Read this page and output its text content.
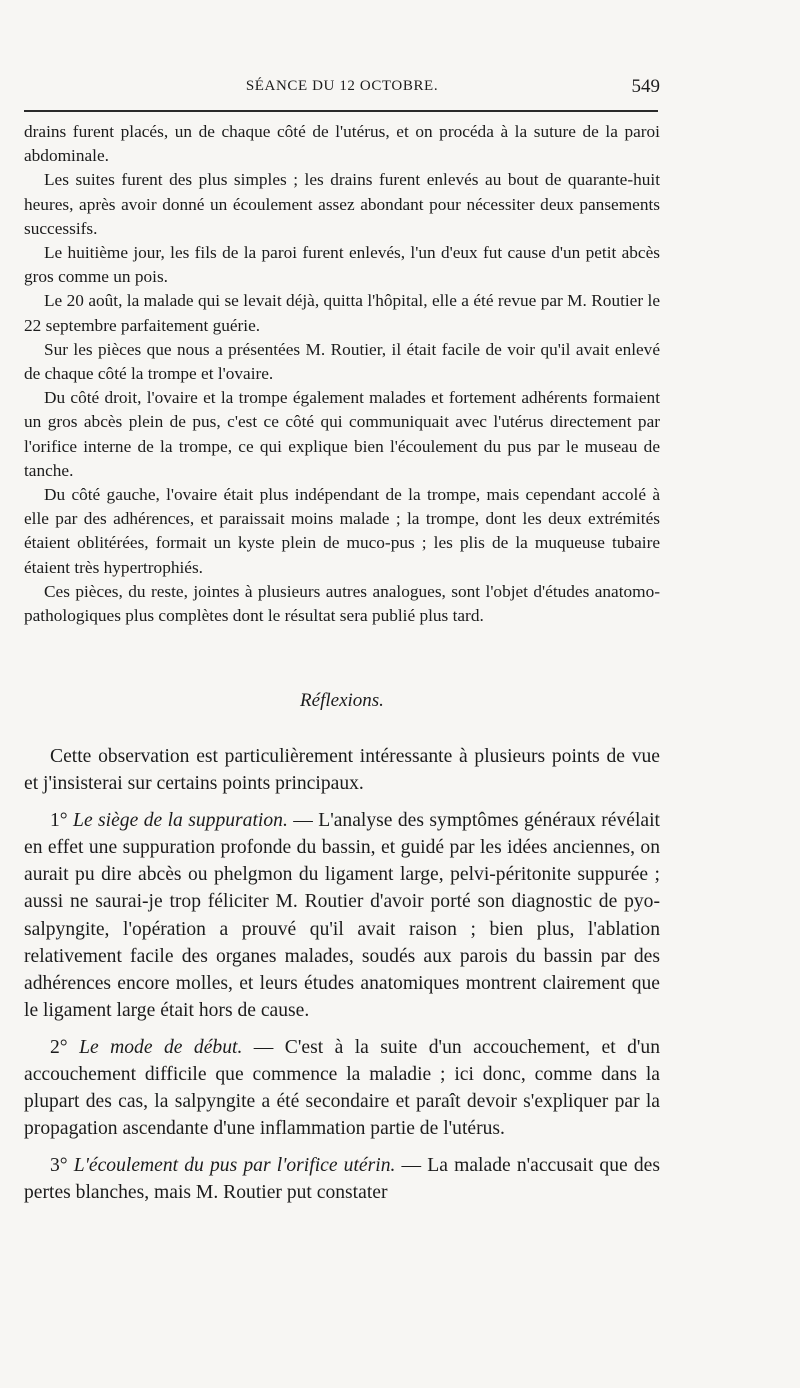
SÉANCE DU 12 OCTOBRE.	549

drains furent placés, un de chaque côté de l'utérus, et on procéda à la suture de la paroi abdominale.

Les suites furent des plus simples ; les drains furent enlevés au bout de quarante-huit heures, après avoir donné un écoulement assez abondant pour nécessiter deux pansements successifs.

Le huitième jour, les fils de la paroi furent enlevés, l'un d'eux fut cause d'un petit abcès gros comme un pois.

Le 20 août, la malade qui se levait déjà, quitta l'hôpital, elle a été revue par M. Routier le 22 septembre parfaitement guérie.

Sur les pièces que nous a présentées M. Routier, il était facile de voir qu'il avait enlevé de chaque côté la trompe et l'ovaire.

Du côté droit, l'ovaire et la trompe également malades et fortement adhérents formaient un gros abcès plein de pus, c'est ce côté qui communiquait avec l'utérus directement par l'orifice interne de la trompe, ce qui explique bien l'écoulement du pus par le museau de tanche.

Du côté gauche, l'ovaire était plus indépendant de la trompe, mais cependant accolé à elle par des adhérences, et paraissait moins malade ; la trompe, dont les deux extrémités étaient oblitérées, formait un kyste plein de muco-pus ; les plis de la muqueuse tubaire étaient très hypertrophiés.

Ces pièces, du reste, jointes à plusieurs autres analogues, sont l'objet d'études anatomo-pathologiques plus complètes dont le résultat sera publié plus tard.

Réflexions.

Cette observation est particulièrement intéressante à plusieurs points de vue et j'insisterai sur certains points principaux.

1° Le siège de la suppuration. — L'analyse des symptômes généraux révélait en effet une suppuration profonde du bassin, et guidé par les idées anciennes, on aurait pu dire abcès ou phelgmon du ligament large, pelvi-péritonite suppurée ; aussi ne saurai-je trop féliciter M. Routier d'avoir porté son diagnostic de pyo-salpyngite, l'opération a prouvé qu'il avait raison ; bien plus, l'ablation relativement facile des organes malades, soudés aux parois du bassin par des adhérences encore molles, et leurs études anatomiques montrent clairement que le ligament large était hors de cause.

2° Le mode de début. — C'est à la suite d'un accouchement, et d'un accouchement difficile que commence la maladie ; ici donc, comme dans la plupart des cas, la salpyngite a été secondaire et paraît devoir s'expliquer par la propagation ascendante d'une inflammation partie de l'utérus.

3° L'écoulement du pus par l'orifice utérin. — La malade n'accusait que des pertes blanches, mais M. Routier put constater
